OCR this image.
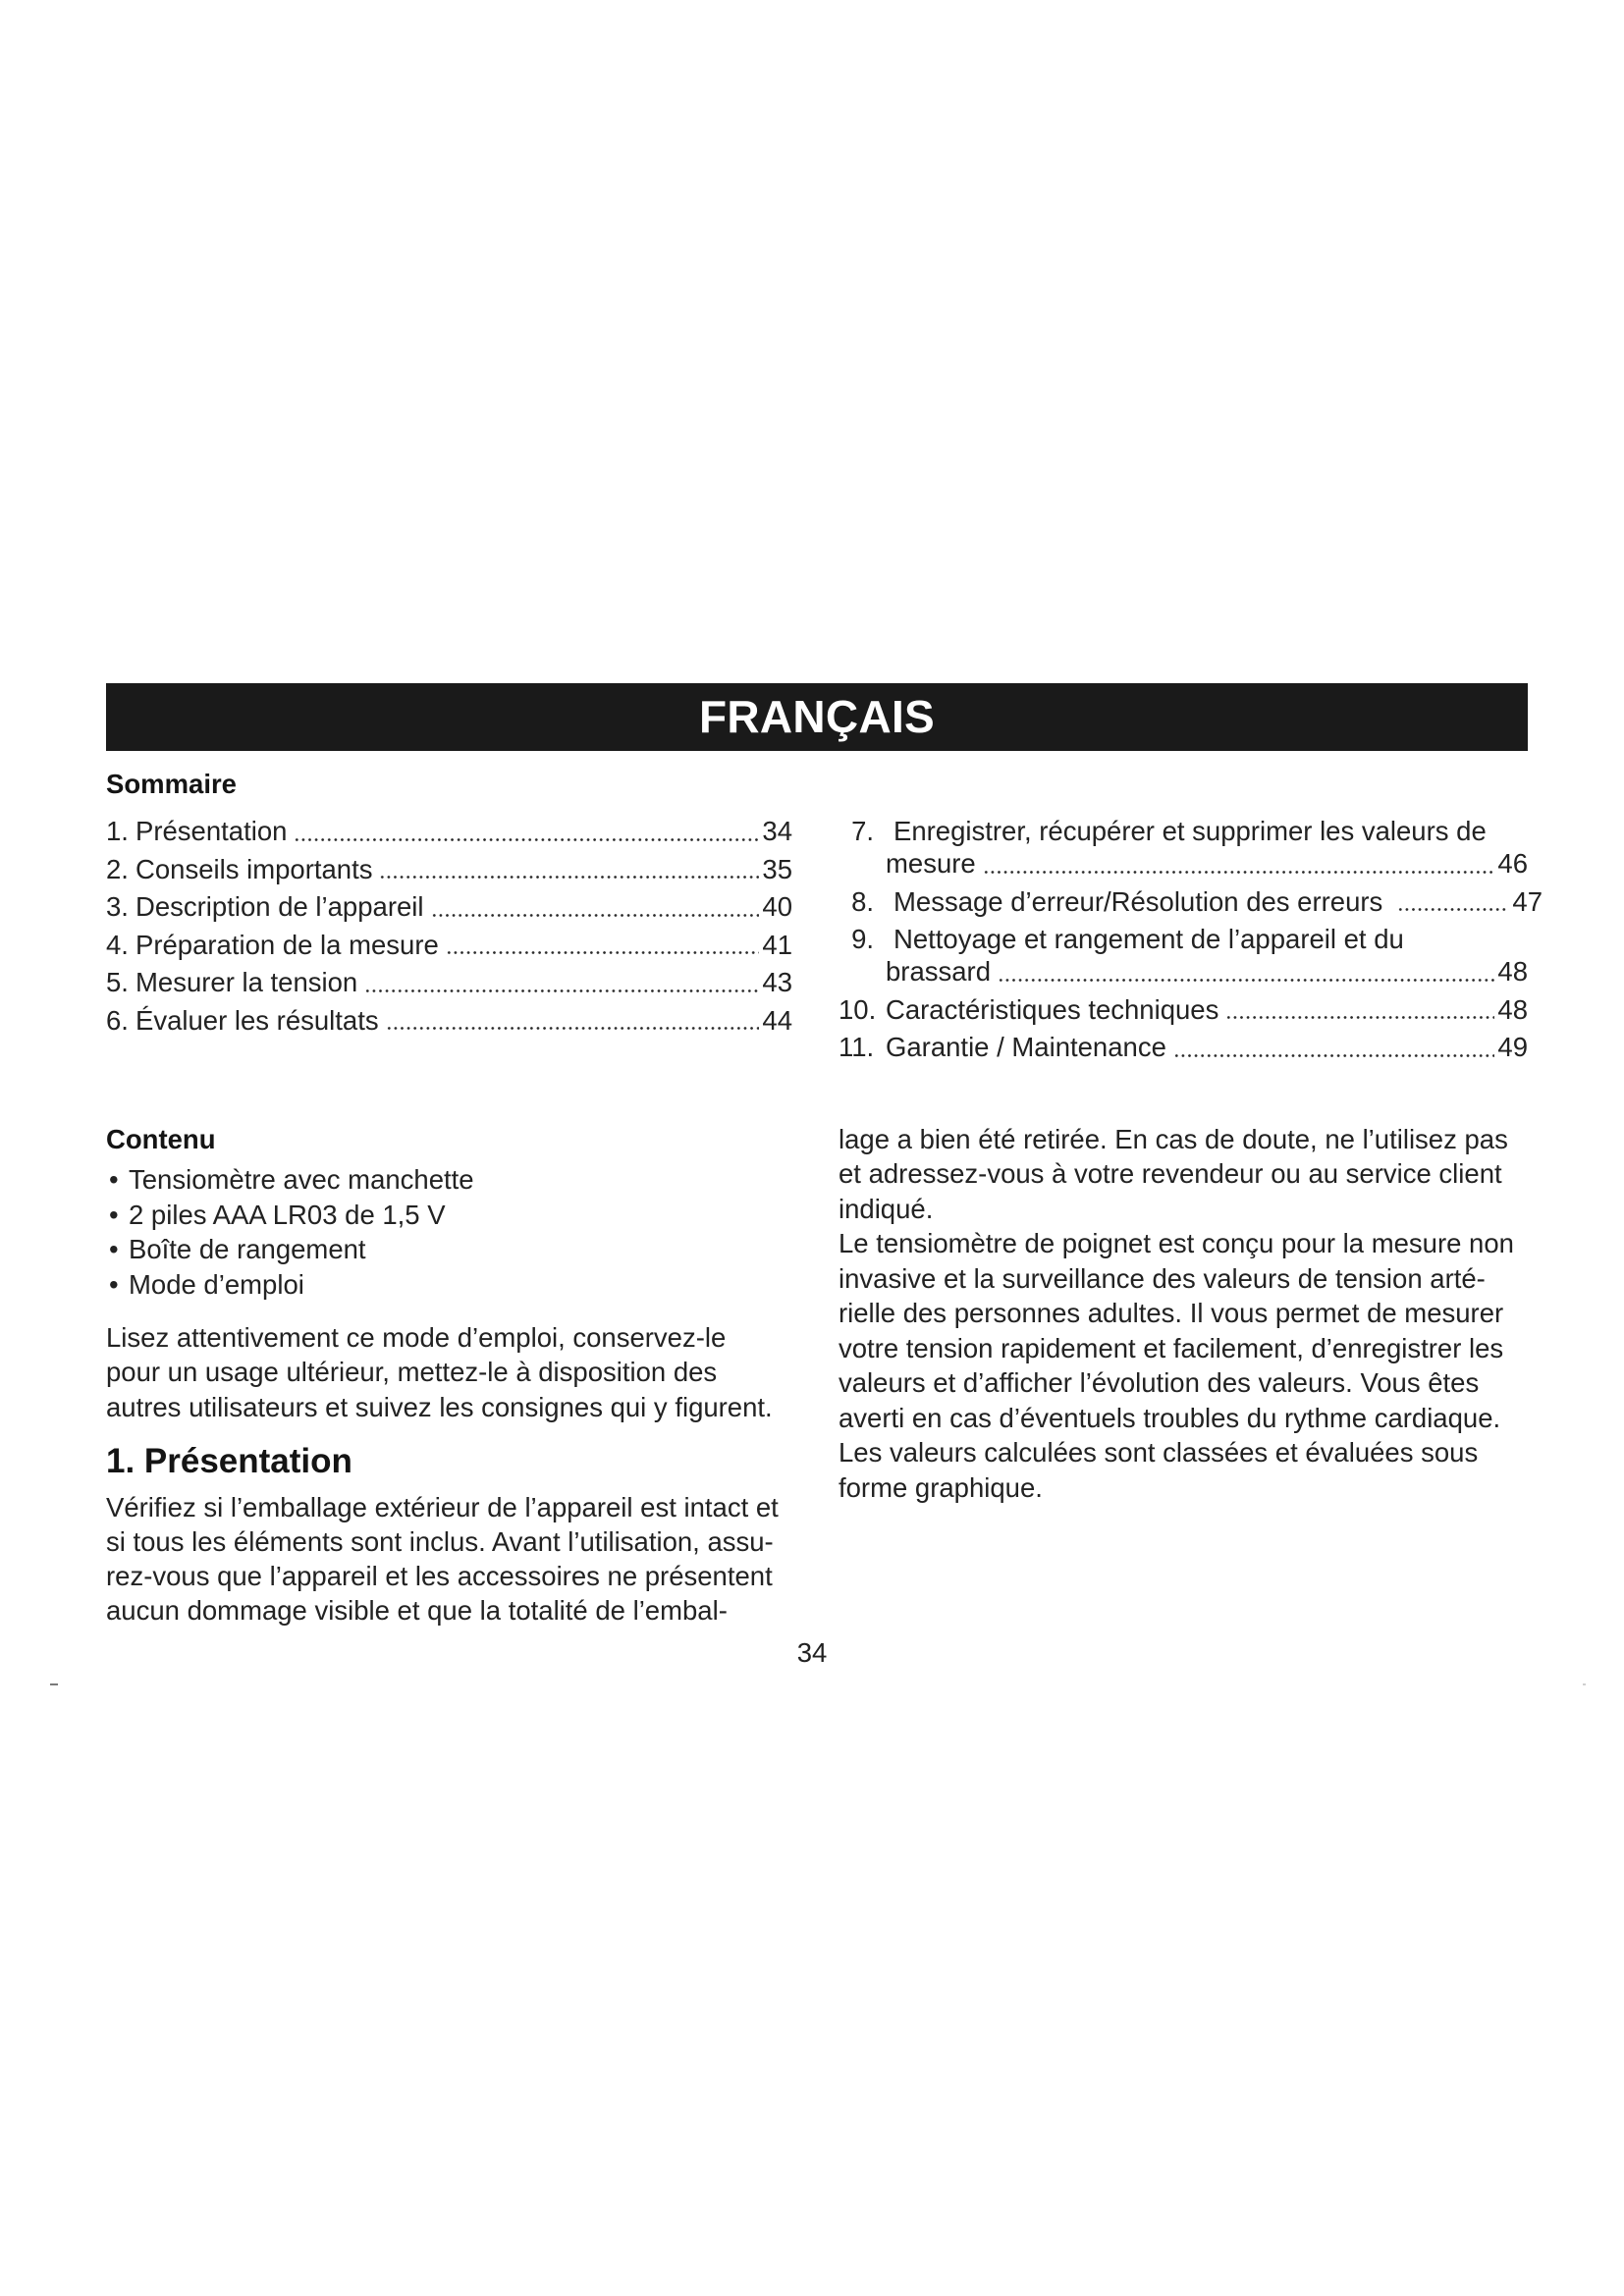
FRANÇAIS
Sommaire
1. Présentation	34
2. Conseils importants	35
3. Description de l’appareil	40
4. Préparation de la mesure	41
5. Mesurer la tension	43
6. Évaluer les résultats	44
7. Enregistrer, récupérer et supprimer les valeurs de
mesure	46
8. Message d’erreur/Résolution des erreurs	47
9. Nettoyage et rangement de l’appareil et du
brassard	48
10. Caractéristiques techniques	48
11. Garantie / Maintenance	49
Contenu
• Tensiomètre avec manchette
• 2 piles AAA LR03 de 1,5 V
• Boîte de rangement
• Mode d’emploi
Lisez attentivement ce mode d’emploi, conservez-le
pour un usage ultérieur, mettez-le à disposition des
autres utilisateurs et suivez les consignes qui y figurent.
1. Présentation
Vérifiez si l’emballage extérieur de l’appareil est intact et
si tous les éléments sont inclus. Avant l’utilisation, assu-
rez-vous que l’appareil et les accessoires ne présentent
aucun dommage visible et que la totalité de l’embal-
lage a bien été retirée. En cas de doute, ne l’utilisez pas
et adressez-vous à votre revendeur ou au service client
indiqué.
Le tensiomètre de poignet est conçu pour la mesure non
invasive et la surveillance des valeurs de tension arté-
rielle des personnes adultes. Il vous permet de mesurer
votre tension rapidement et facilement, d’enregistrer les
valeurs et d’afficher l’évolution des valeurs. Vous êtes
averti en cas d’éventuels troubles du rythme cardiaque.
Les valeurs calculées sont classées et évaluées sous
forme graphique.
34
